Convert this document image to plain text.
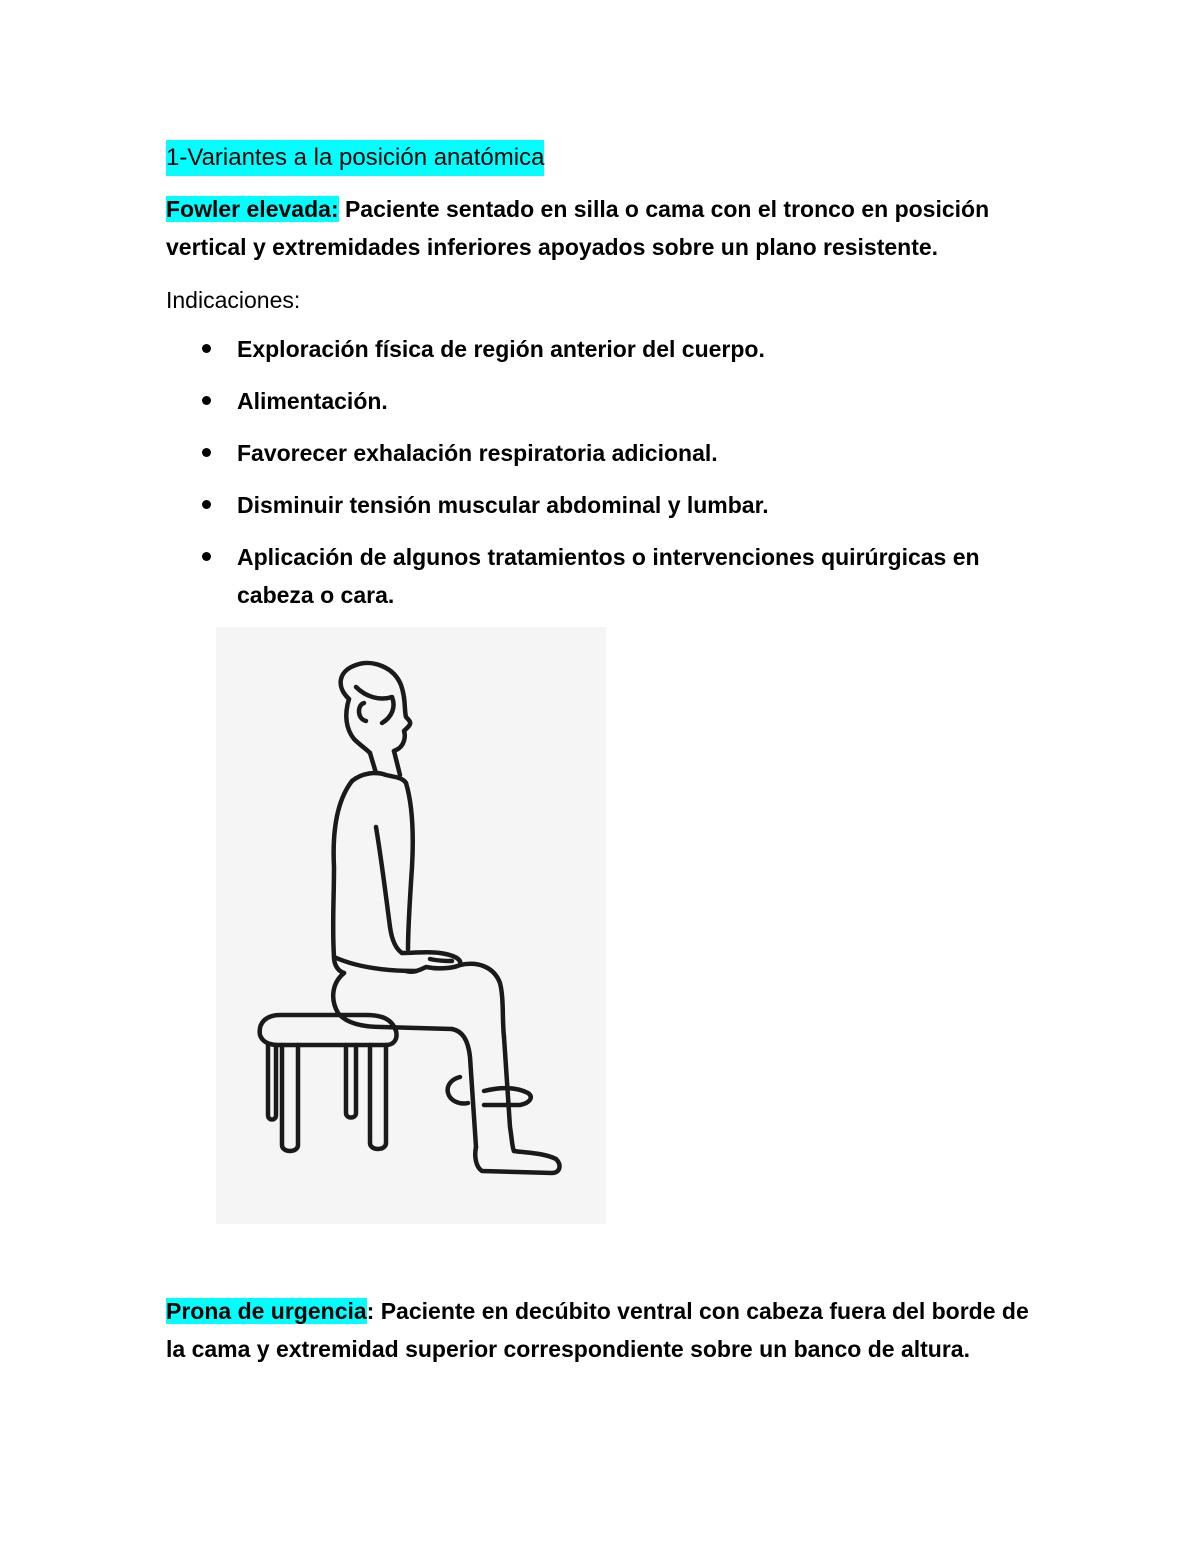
1-Variantes a la posición anatómica

Fowler elevada: Paciente sentado en silla o cama con el tronco en posición vertical y extremidades inferiores apoyados sobre un plano resistente.

Indicaciones:

Exploración física de región anterior del cuerpo.
Alimentación.
Favorecer exhalación respiratoria adicional.
Disminuir tensión muscular abdominal y lumbar.
Aplicación de algunos tratamientos o intervenciones quirúrgicas en cabeza o cara.

Prona de urgencia: Paciente en decúbito ventral con cabeza fuera del borde de la cama y extremidad superior correspondiente sobre un banco de altura.
